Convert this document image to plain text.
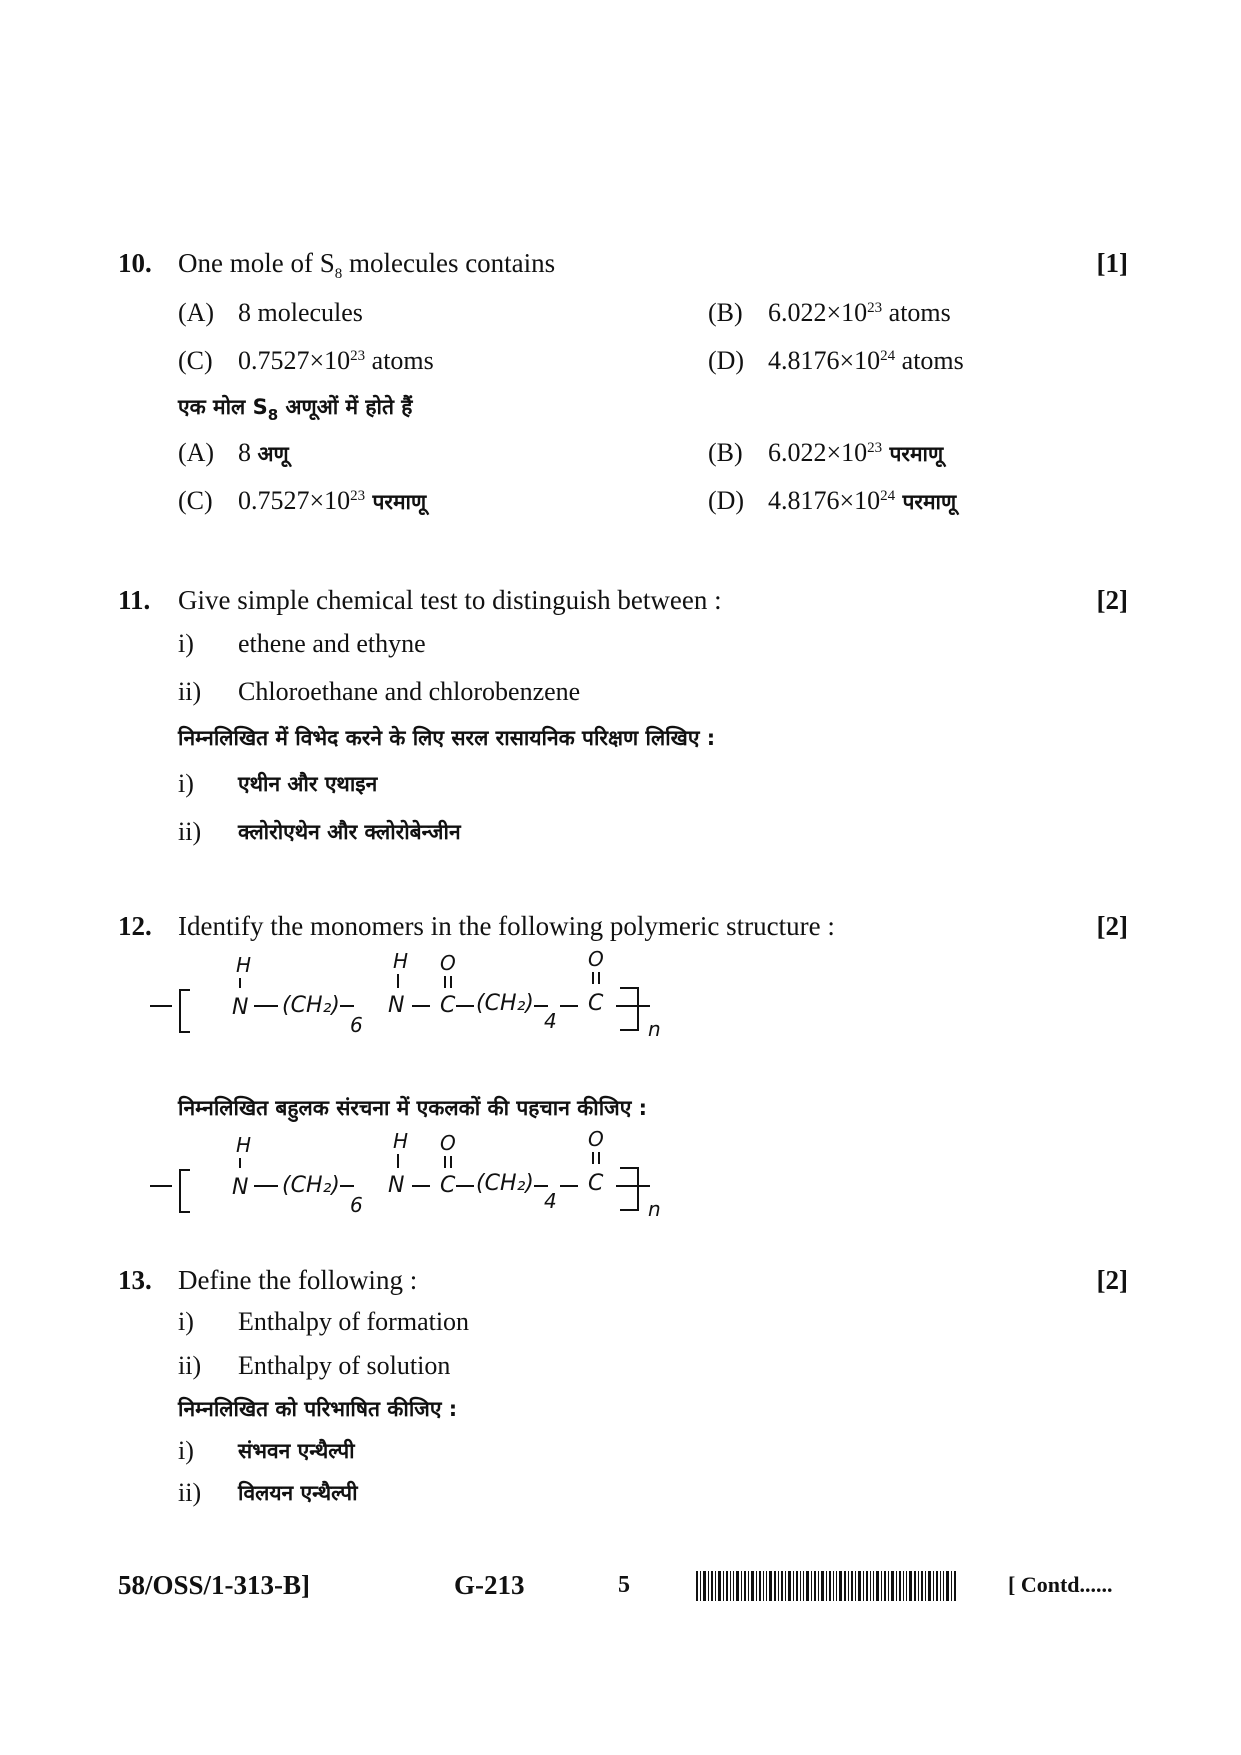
10. One mole of $S_8$ molecules contains	[1]
(A) 8 molecules	(B) $6.022\times 10^{23}$ atoms
(C) $0.7527\times 10^{23}$ atoms	(D) $4.8176\times 10^{24}$ atoms
एक मोल $S_8$ अणूओं में होते हैं
(A) 8 अणू	(B) $6.022\times 10^{23}$ परमाणू
(C) $0.7527\times 10^{23}$ परमाणू	(D) $4.8176\times 10^{24}$ परमाणू
11. Give simple chemical test to distinguish between :	[2]
i) ethene and ethyne
ii) Chloroethane and chlorobenzene
निम्नलिखित में विभेद करने के लिए सरल रासायनिक परिक्षण लिखिए :
i) एथीन और एथाइन
ii) क्लोरोएथेन और क्लोरोबेन्जीन
12. Identify the monomers in the following polymeric structure :	[2]
H
N (CH₂)
6
H
N
O
C (CH₂)
4
O
C
n
निम्नलिखित बहुलक संरचना में एकलकों की पहचान कीजिए :
H
N (CH₂)
6
H
N
O
C (CH₂)
4
O
C
n
13. Define the following :	[2]
i) Enthalpy of formation
ii) Enthalpy of solution
निम्नलिखित को परिभाषित कीजिए :
i) संभवन एन्थैल्पी
ii) विलयन एन्थैल्पी
58/OSS/1-313-B]	G-213	5	[ Contd......
